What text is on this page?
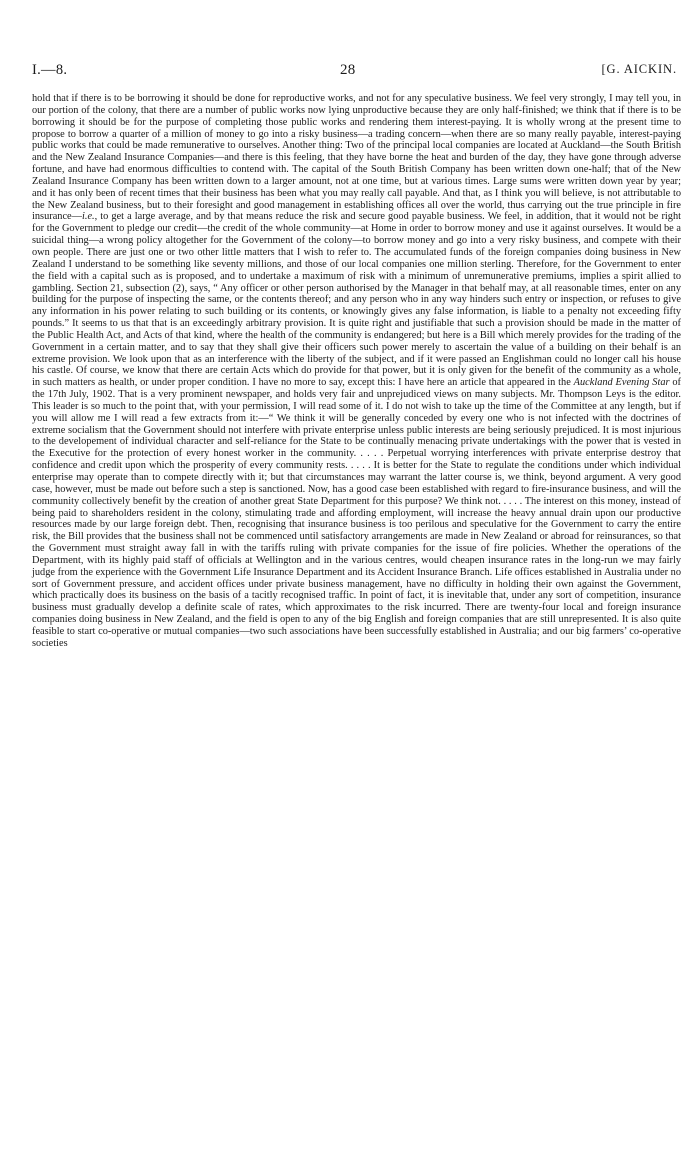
I.—8.	28	[G. AICKIN.

hold that if there is to be borrowing it should be done for reproductive works, and not for any speculative business. We feel very strongly, I may tell you, in our portion of the colony, that there are a number of public works now lying unproductive because they are only half-finished; we think that if there is to be borrowing it should be for the purpose of completing those public works and rendering them interest-paying. It is wholly wrong at the present time to propose to borrow a quarter of a million of money to go into a risky business—a trading concern—when there are so many really payable, interest-paying public works that could be made remunerative to ourselves. Another thing: Two of the principal local companies are located at Auckland—the South British and the New Zealand Insurance Companies—and there is this feeling, that they have borne the heat and burden of the day, they have gone through adverse fortune, and have had enormous difficulties to contend with. The capital of the South British Company has been written down one-half; that of the New Zealand Insurance Company has been written down to a larger amount, not at one time, but at various times. Large sums were written down year by year; and it has only been of recent times that their business has been what you may really call payable. And that, as I think you will believe, is not attributable to the New Zealand business, but to their foresight and good management in establishing offices all over the world, thus carrying out the true principle in fire insurance—i.e., to get a large average, and by that means reduce the risk and secure good payable business. We feel, in addition, that it would not be right for the Government to pledge our credit—the credit of the whole community—at Home in order to borrow money and use it against ourselves. It would be a suicidal thing—a wrong policy altogether for the Government of the colony—to borrow money and go into a very risky business, and compete with their own people. There are just one or two other little matters that I wish to refer to. The accumulated funds of the foreign companies doing business in New Zealand I understand to be something like seventy millions, and those of our local companies one million sterling. Therefore, for the Government to enter the field with a capital such as is proposed, and to undertake a maximum of risk with a minimum of unremunerative premiums, implies a spirit allied to gambling. Section 21, subsection (2), says, “ Any officer or other person authorised by the Manager in that behalf may, at all reasonable times, enter on any building for the purpose of inspecting the same, or the contents thereof; and any person who in any way hinders such entry or inspection, or refuses to give any information in his power relating to such building or its contents, or knowingly gives any false information, is liable to a penalty not exceeding fifty pounds.” It seems to us that that is an exceedingly arbitrary provision. It is quite right and justifiable that such a provision should be made in the matter of the Public Health Act, and Acts of that kind, where the health of the community is endangered; but here is a Bill which merely provides for the trading of the Government in a certain matter, and to say that they shall give their officers such power merely to ascertain the value of a building on their behalf is an extreme provision. We look upon that as an interference with the liberty of the subject, and if it were passed an Englishman could no longer call his house his castle. Of course, we know that there are certain Acts which do provide for that power, but it is only given for the benefit of the community as a whole, in such matters as health, or under proper condition. I have no more to say, except this: I have here an article that appeared in the Auckland Evening Star of the 17th July, 1902. That is a very prominent newspaper, and holds very fair and unprejudiced views on many subjects. Mr. Thompson Leys is the editor. This leader is so much to the point that, with your permission, I will read some of it. I do not wish to take up the time of the Committee at any length, but if you will allow me I will read a few extracts from it:—“ We think it will be generally conceded by every one who is not infected with the doctrines of extreme socialism that the Government should not interfere with private enterprise unless public interests are being seriously prejudiced. It is most injurious to the developement of individual character and self-reliance for the State to be continually menacing private undertakings with the power that is vested in the Executive for the protection of every honest worker in the community. . . . . Perpetual worrying interferences with private enterprise destroy that confidence and credit upon which the prosperity of every community rests. . . . . It is better for the State to regulate the conditions under which individual enterprise may operate than to compete directly with it; but that circumstances may warrant the latter course is, we think, beyond argument. A very good case, however, must be made out before such a step is sanctioned. Now, has a good case been established with regard to fire-insurance business, and will the community collectively benefit by the creation of another great State Department for this purpose? We think not. . . . . The interest on this money, instead of being paid to shareholders resident in the colony, stimulating trade and affording employment, will increase the heavy annual drain upon our productive resources made by our large foreign debt. Then, recognising that insurance business is too perilous and speculative for the Government to carry the entire risk, the Bill provides that the business shall not be commenced until satisfactory arrangements are made in New Zealand or abroad for reinsurances, so that the Government must straight away fall in with the tariffs ruling with private companies for the issue of fire policies. Whether the operations of the Department, with its highly paid staff of officials at Wellington and in the various centres, would cheapen insurance rates in the long-run we may fairly judge from the experience with the Government Life Insurance Department and its Accident Insurance Branch. Life offices established in Australia under no sort of Government pressure, and accident offices under private business management, have no difficulty in holding their own against the Government, which practically does its business on the basis of a tacitly recognised traffic. In point of fact, it is inevitable that, under any sort of competition, insurance business must gradually develop a definite scale of rates, which approximates to the risk incurred. There are twenty-four local and foreign insurance companies doing business in New Zealand, and the field is open to any of the big English and foreign companies that are still unrepresented. It is also quite feasible to start co-operative or mutual companies—two such associations have been successfully established in Australia; and our big farmers’ co-operative societies
